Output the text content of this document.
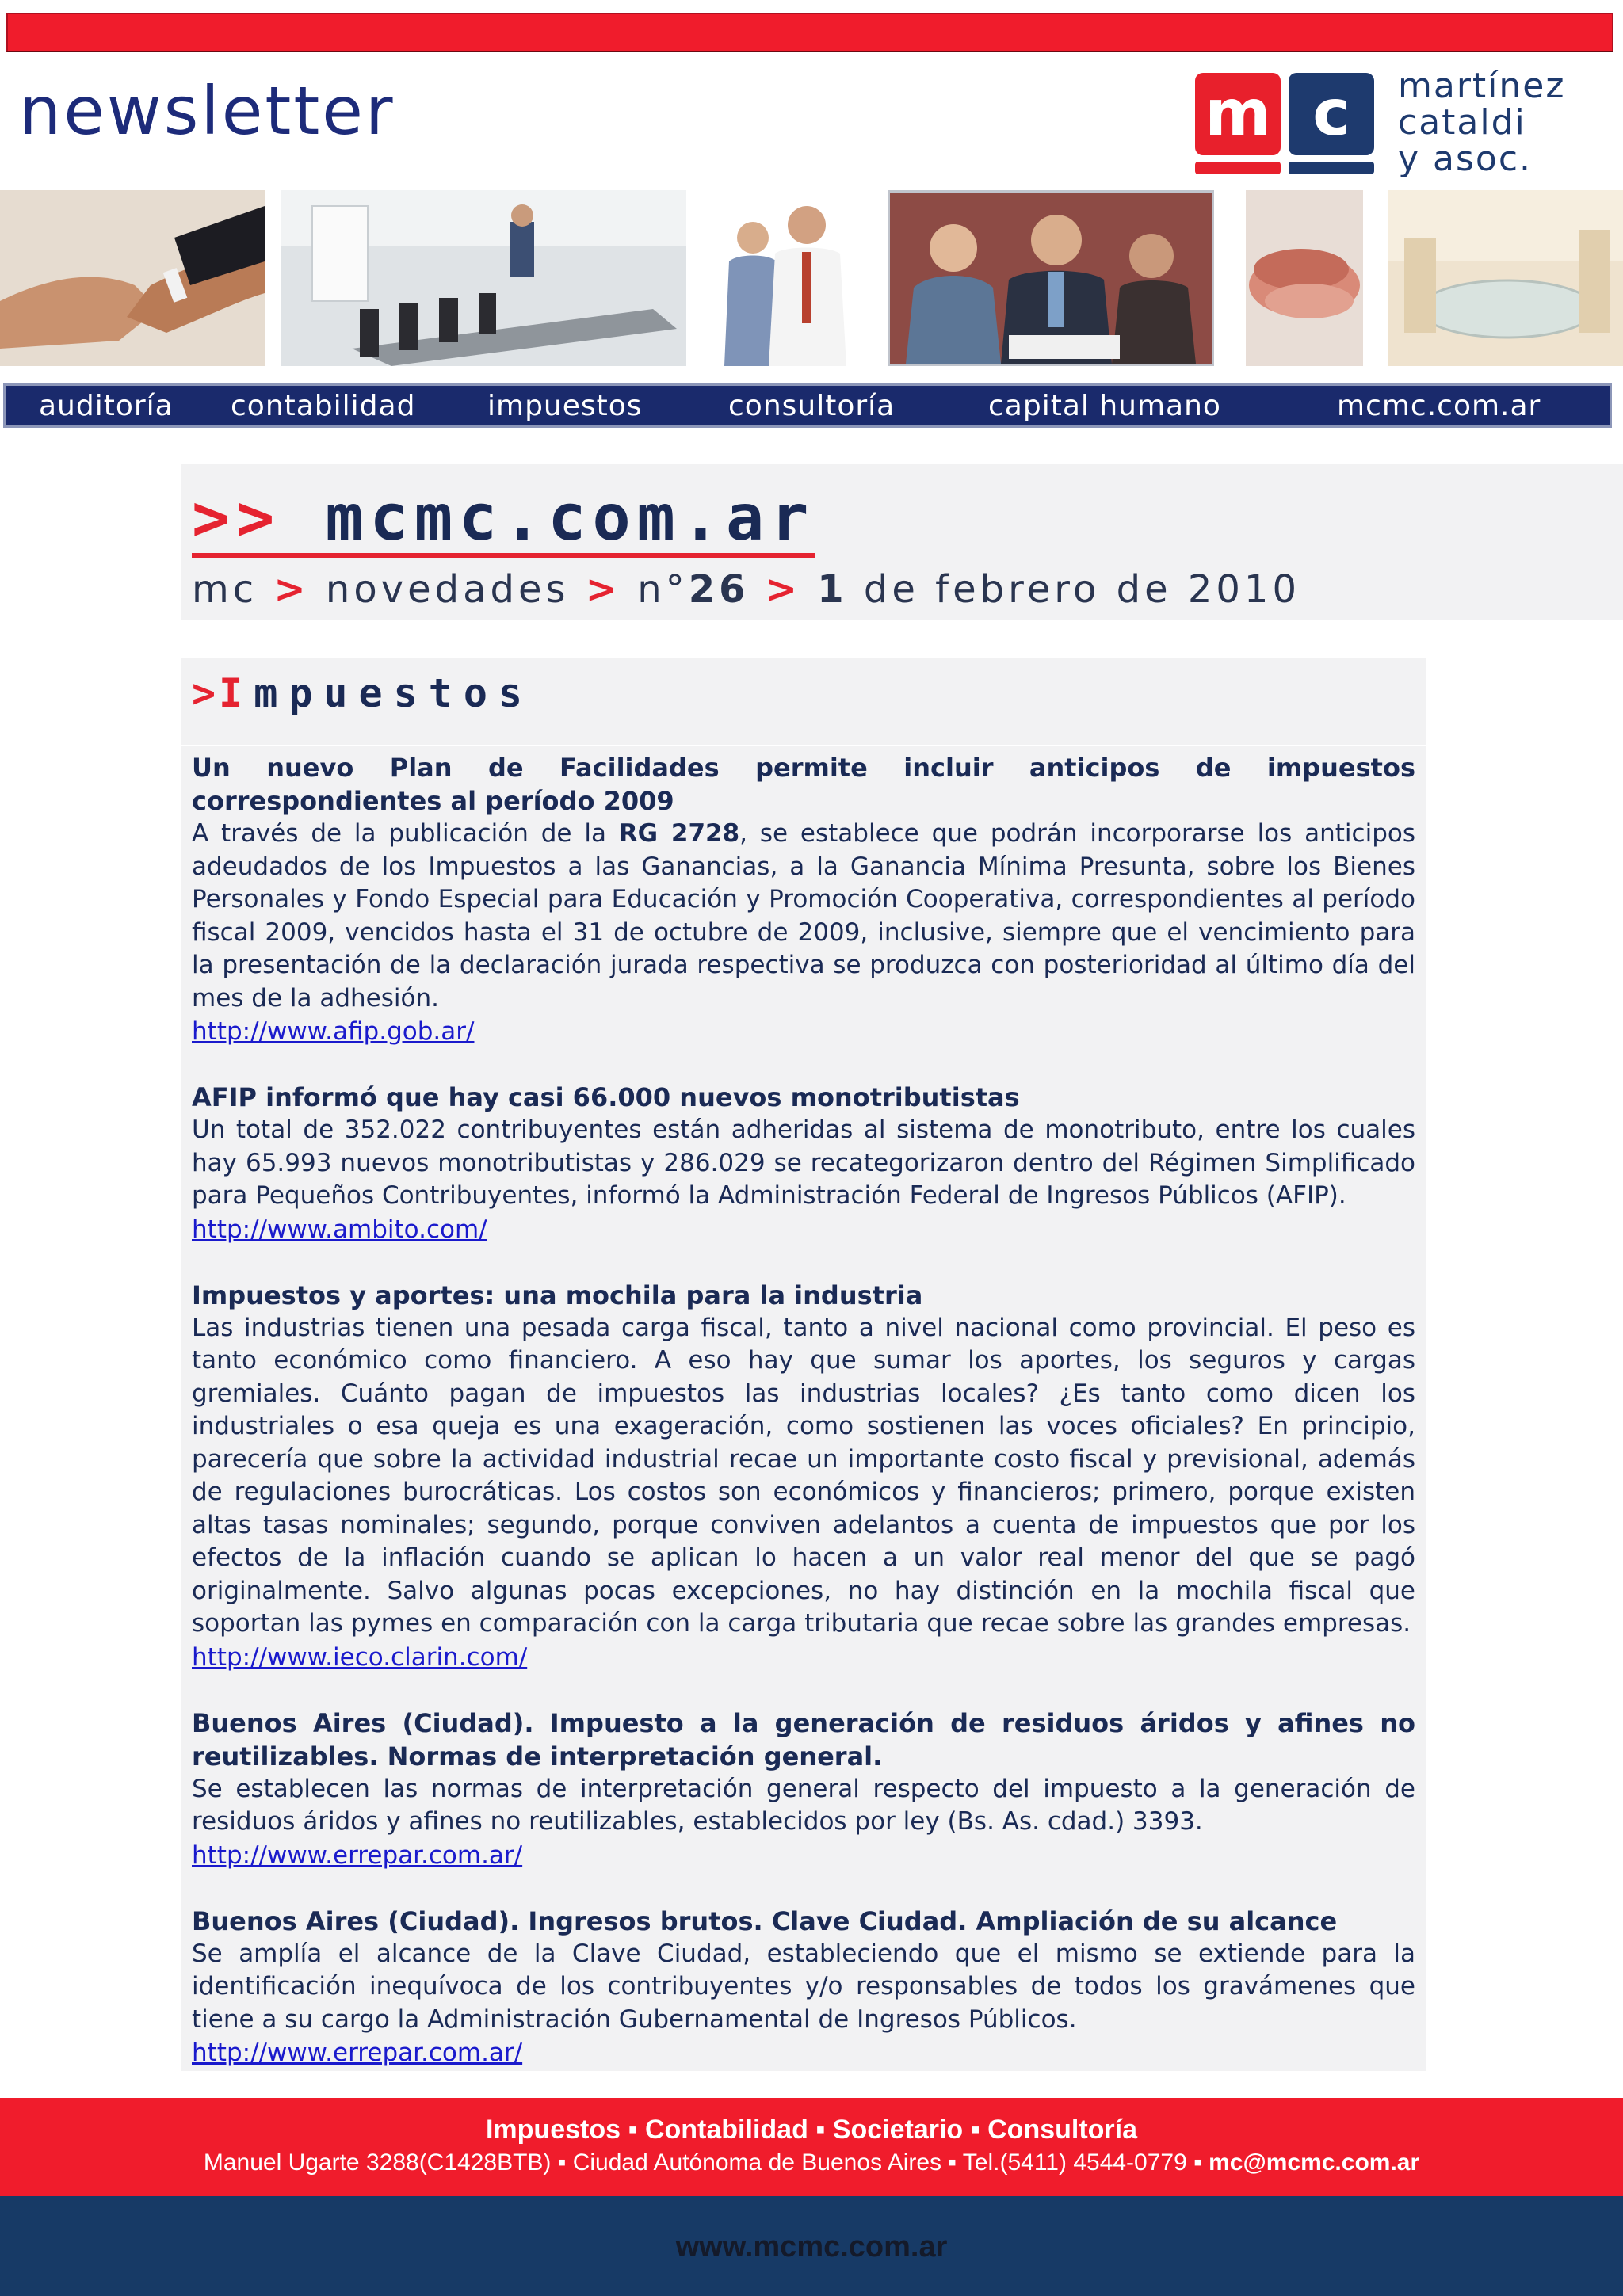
newsletter	m c	martínez
cataldi
y asoc.
auditoría contabilidad	impuestos	consultoría	capital humano	mcmc.com.ar
>> mcmc.com.ar
mc > novedades > n°26 > 1 de febrero de 2010
>Impuestos
Un nuevo Plan de Facilidades permite incluir anticipos de impuestos correspondientes al período 2009
A través de la publicación de la RG 2728, se establece que podrán incorporarse los anticipos adeudados de los Impuestos a las Ganancias, a la Ganancia Mínima Presunta, sobre los Bienes Personales y Fondo Especial para Educación y Promoción Cooperativa, correspondientes al período fiscal 2009, vencidos hasta el 31 de octubre de 2009, inclusive, siempre que el vencimiento para la presentación de la declaración jurada respectiva se produzca con posterioridad al último día del mes de la adhesión.
http://www.afip.gob.ar/
AFIP informó que hay casi 66.000 nuevos monotributistas
Un total de 352.022 contribuyentes están adheridas al sistema de monotributo, entre los cuales hay 65.993 nuevos monotributistas y 286.029 se recategorizaron dentro del Régimen Simplificado para Pequeños Contribuyentes, informó la Administración Federal de Ingresos Públicos (AFIP).
http://www.ambito.com/
Impuestos y aportes: una mochila para la industria
Las industrias tienen una pesada carga fiscal, tanto a nivel nacional como provincial. El peso es tanto económico como financiero. A eso hay que sumar los aportes, los seguros y cargas gremiales. Cuánto pagan de impuestos las industrias locales? ¿Es tanto como dicen los industriales o esa queja es una exageración, como sostienen las voces oficiales? En principio, parecería que sobre la actividad industrial recae un importante costo fiscal y previsional, además de regulaciones burocráticas. Los costos son económicos y financieros; primero, porque existen altas tasas nominales; segundo, porque conviven adelantos a cuenta de impuestos que por los efectos de la inflación cuando se aplican lo hacen a un valor real menor del que se pagó originalmente. Salvo algunas pocas excepciones, no hay distinción en la mochila fiscal que soportan las pymes en comparación con la carga tributaria que recae sobre las grandes empresas.
http://www.ieco.clarin.com/
Buenos Aires (Ciudad). Impuesto a la generación de residuos áridos y afines no reutilizables. Normas de interpretación general.
Se establecen las normas de interpretación general respecto del impuesto a la generación de residuos áridos y afines no reutilizables, establecidos por ley (Bs. As. cdad.) 3393.
http://www.errepar.com.ar/
Buenos Aires (Ciudad). Ingresos brutos. Clave Ciudad. Ampliación de su alcance
Se amplía el alcance de la Clave Ciudad, estableciendo que el mismo se extiende para la identificación inequívoca de los contribuyentes y/o responsables de todos los gravámenes que tiene a su cargo la Administración Gubernamental de Ingresos Públicos.
http://www.errepar.com.ar/
Impuestos ▪ Contabilidad ▪ Societario ▪ Consultoría
Manuel Ugarte 3288(C1428BTB) ▪ Ciudad Autónoma de Buenos Aires ▪ Tel.(5411) 4544-0779 ▪ mc@mcmc.com.ar
www.mcmc.com.ar
